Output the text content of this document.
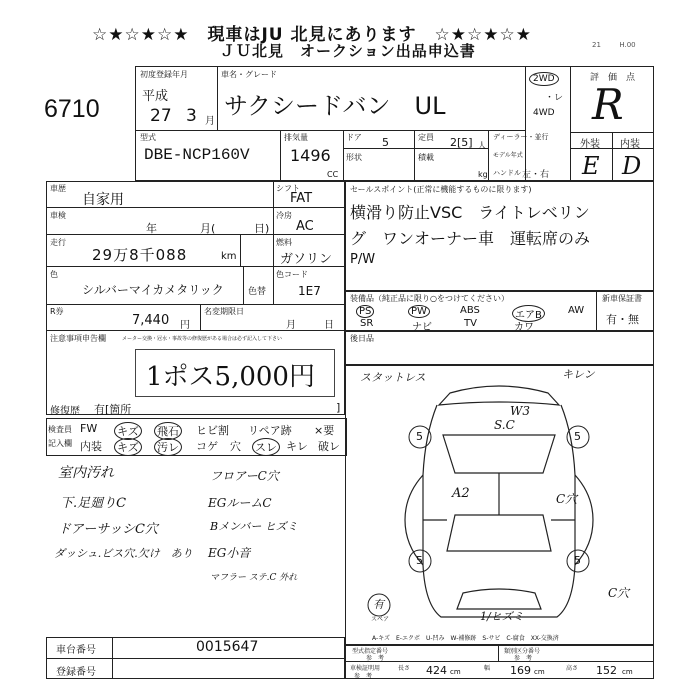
☆★☆★☆★　現車はJU 北見にあります　☆★☆★☆★
ＪＵ北見　オークション出品申込書	21 　　 H.00
6710
初度登録年月
平成
27 3 月
車名・グレード
サクシードバン　UL
2WD
・レ
4WD
評　価　点
R
外装 内装
E D
型式
DBE-NCP160V
排気量
1496
CC
ドア 5	定員 2[5] 人
形状	積載
kg
ディーラー・並行
モデル年式
ハンドル 左・右
車歴
自家用
シフト
FAT
車検
年	月(	日)
冷房
AC
走行
29万8千088	km
燃料
ガソリン
色
シルバーマイカメタリック	色替
色コード
1E7
R券
7,440 円
名変期限日
月	日
注意事項申告欄	メーター交換・冠水・事故等の修復歴がある場合は必ず記入して下さい
1ポス5,000円
修復歴 有[箇所	]
セールスポイント(正常に機能するものに限ります)
横滑り防止VSC　ライトレベリン
グ　ワンオーナー車　運転席のみ
P/W
装備品（純正品に限り○をつけてください）
PS	PW	ABS	エアB	AW
SR	ナビ	TV	カワ
新車保証書
有・無
後日品
検査員
記入欄
FW キズ 飛石 ヒビ割 リペア跡 ×要
内装 キズ 汚レ コゲ 穴 スレ キレ 破レ
室内汚れ
下.足廻りC
ドアーサッシC穴
ダッシュ.ビス穴.欠け　あり
フロアーC穴
EGルームC
Bメンバー ヒズミ
EG小音
マフラー ステ.C 外れ
5	5
5	5
有
スペア
スタットレス	キレン
W3
S.C
A2	C穴
C穴
1/ヒズミ
A-キズ　E-エクボ　U-凹み　W-補修跡　S-サビ　C-腐食　XX-交換済
車台番号	0015647
登録番号
型式指定番号
参　考
類別区分番号
参　考
車検証明用
参　考
長さ 424 cm	幅 169 cm	高さ 152 cm
